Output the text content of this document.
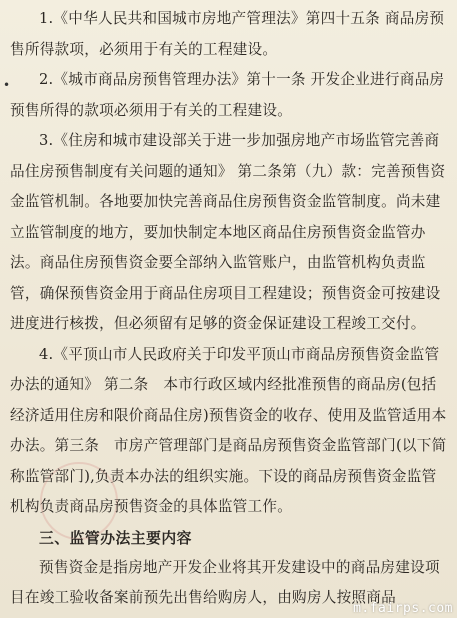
•

1.《中华人民共和国城市房地产管理法》第四十五条 商品房预售所得款项，必须用于有关的工程建设。

2.《城市商品房预售管理办法》第十一条 开发企业进行商品房预售所得的款项必须用于有关的工程建设。

3.《住房和城市建设部关于进一步加强房地产市场监管完善商品住房预售制度有关问题的通知》 第二条第（九）款：完善预售资金监管机制。各地要加快完善商品住房预售资金监管制度。尚未建立监管制度的地方，要加快制定本地区商品住房预售资金监管办法。商品住房预售资金要全部纳入监管账户，由监管机构负责监管，确保预售资金用于商品住房项目工程建设；预售资金可按建设进度进行核拨，但必须留有足够的资金保证建设工程竣工交付。

4.《平顶山市人民政府关于印发平顶山市商品房预售资金监管办法的通知》 第二条　本市行政区域内经批准预售的商品房(包括经济适用住房和限价商品住房)预售资金的收存、使用及监管适用本办法。第三条　市房产管理部门是商品房预售资金监管部门(以下简称监管部门),负责本办法的组织实施。下设的商品房预售资金监管机构负责商品房预售资金的具体监管工作。

三、监管办法主要内容

预售资金是指房地产开发企业将其开发建设中的商品房建设项目在竣工验收备案前预先出售给购房人，由购房人按照商品

m.fairps.com
